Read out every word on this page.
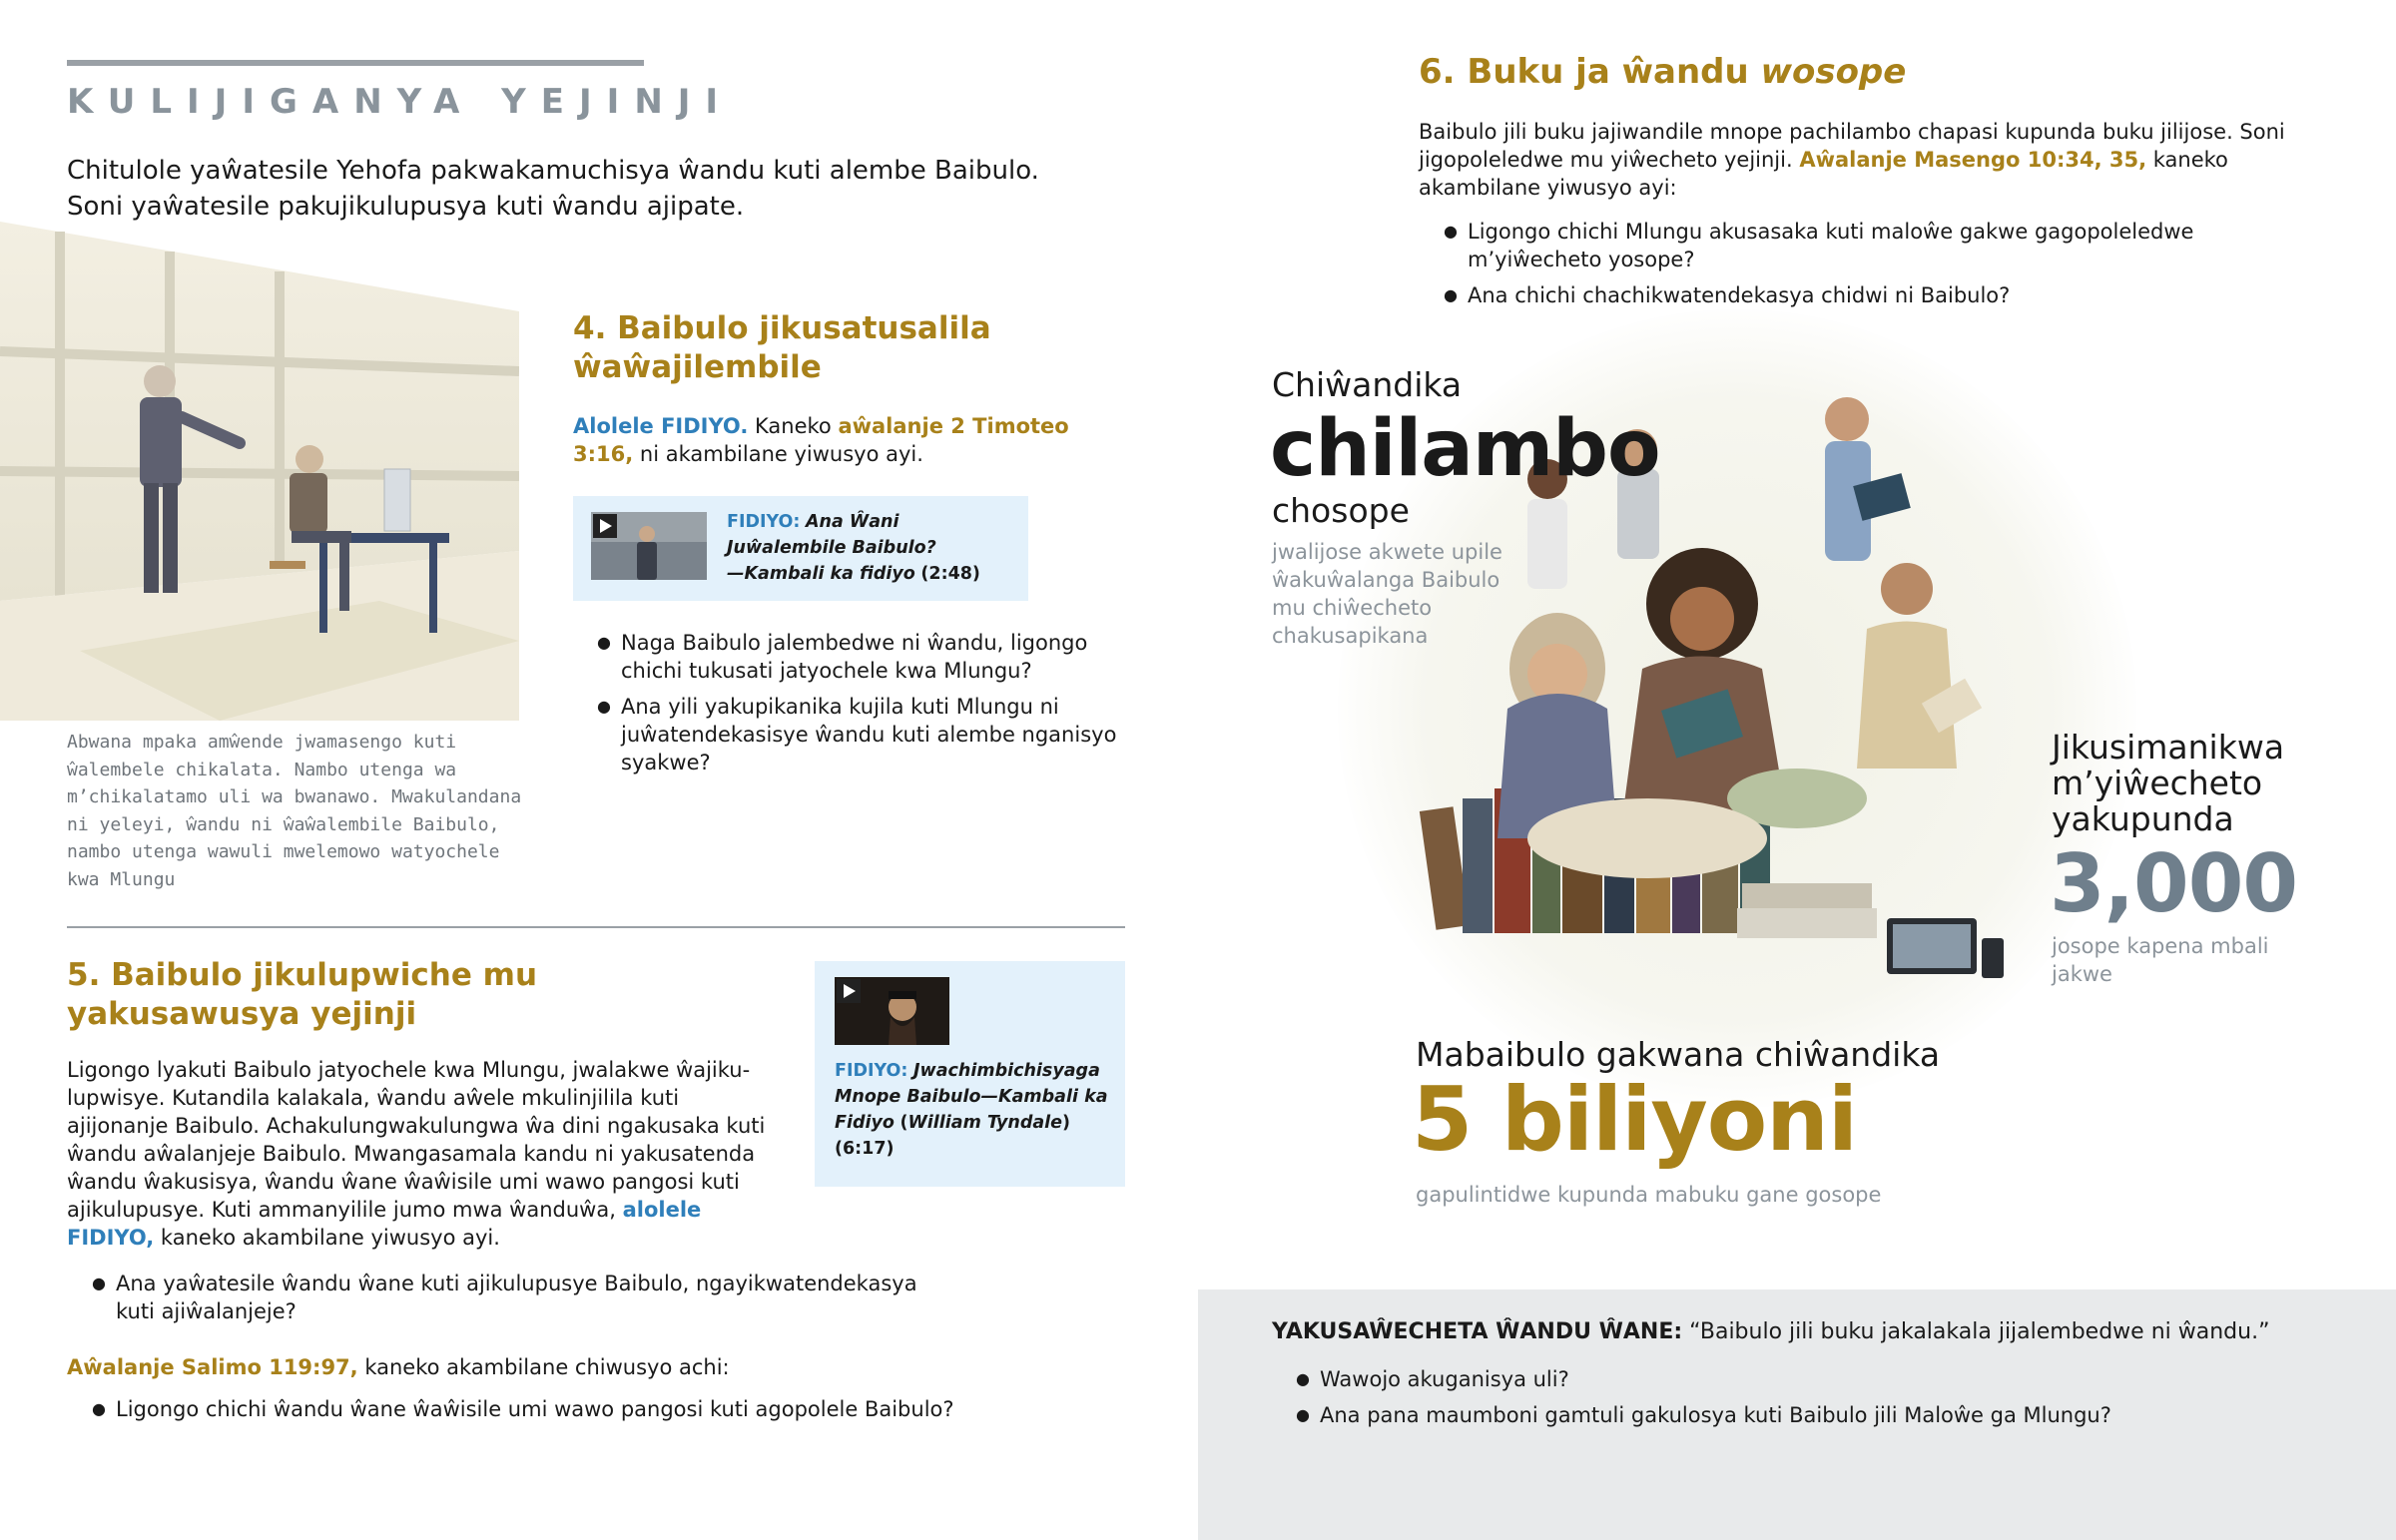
KULIJIGANYA YEJINJI
Chitulole yaŵatesile Yehofa pakwakamuchisya ŵandu kuti alembe Baibulo. Soni yaŵatesile pakujikulupusya kuti ŵandu ajipate.
Abwana mpaka amŵende jwamasengo kuti ŵalembele chikalata. Nambo utenga wa m’chikalatamo uli wa bwanawo. Mwakulandana ni yeleyi, ŵandu ni ŵaŵalembile Baibulo, nambo utenga wawuli mwelemowo watyochele kwa Mlungu
4. Baibulo jikusatusalila ŵaŵajilembile
Alolele FIDIYO. Kaneko aŵalanje 2 Timoteo 3:16, ni akambilane yiwusyo ayi.
FIDIYO: Ana Ŵani Juŵalembile Baibulo?
—Kambali ka fidiyo (2:48)
● Naga Baibulo jalembedwe ni ŵandu, ligongo chichi tukusati jatyochele kwa Mlungu?
● Ana yili yakupikanika kujila kuti Mlungu ni juŵatendekasisye ŵandu kuti alembe nganisyo syakwe?
5. Baibulo jikulupwiche mu yakusawusya yejinji
FIDIYO: Jwachimbichisyaga Mnope Baibulo—Kambali ka Fidiyo (William Tyndale)
(6:17)
Ligongo lyakuti Baibulo jatyochele kwa Mlungu, jwalakwe ŵajikulupwisye. Kutandila kalakala, ŵandu aŵele mkulinjilila kuti ajijonanje Baibulo. Achakulungwakulungwa ŵa dini ngakusaka kuti ŵandu aŵalanjeje Baibulo. Mwangasamala kandu ni yakusatenda ŵandu ŵakusisya, ŵandu ŵane ŵaŵisile umi wawo pangosi kuti ajikulupusye. Kuti ammanyilile jumo mwa ŵanduŵa, alolele FIDIYO, kaneko akambilane yiwusyo ayi.
● Ana yaŵatesile ŵandu ŵane kuti ajikulupusye Baibulo, ngayikwatendekasya kuti ajiŵalanjeje?
Aŵalanje Salimo 119:97, kaneko akambilane chiwusyo achi:
● Ligongo chichi ŵandu ŵane ŵaŵisile umi wawo pangosi kuti agopolele Baibulo?
6. Buku ja ŵandu wosope
Baibulo jili buku jajiwandile mnope pachilambo chapasi kupunda buku jilijose. Soni jigopoleledwe mu yiŵecheto yejinji. Aŵalanje Masengo 10:34, 35, kaneko akambilane yiwusyo ayi:
● Ligongo chichi Mlungu akusasaka kuti maloŵe gakwe gagopoleledwe m’yiŵecheto yosope?
● Ana chichi chachikwatendekasya chidwi ni Baibulo?
Chiŵandika
chilambo
chosope
jwalijose akwete upile ŵakuŵalanga Baibulo mu chiŵecheto chakusapikana
Jikusimanikwa m’yiŵecheto yakupunda
3,000
josope kapena mbali jakwe
Mabaibulo gakwana chiŵandika
5 biliyoni
gapulintidwe kupunda mabuku gane gosope
YAKUSAŴECHETA ŴANDU ŴANE: “Baibulo jili buku jakalakala jijalembedwe ni ŵandu.”
● Wawojo akuganisya uli?
● Ana pana maumboni gamtuli gakulosya kuti Baibulo jili Maloŵe ga Mlungu?
